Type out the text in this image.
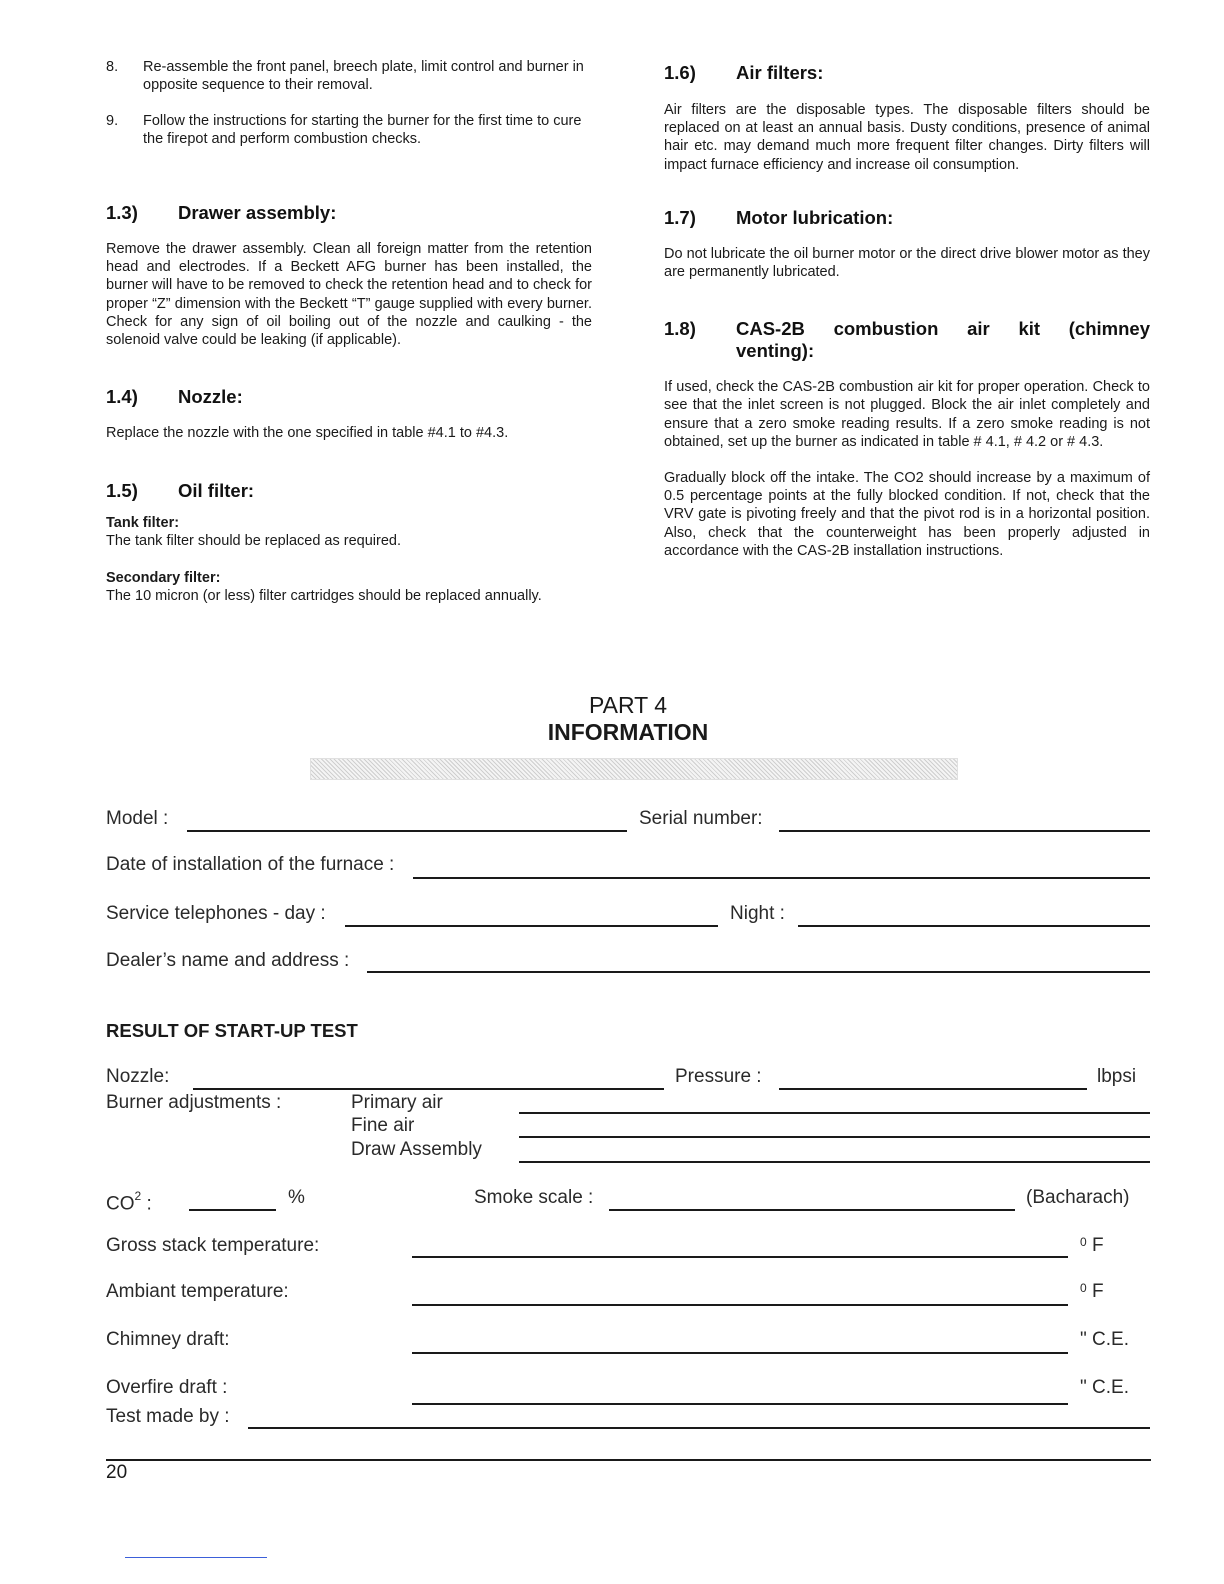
8.	Re-assemble the front panel, breech plate, limit control and burner in opposite sequence to their removal.
9.	Follow the instructions for starting the burner for the first time to cure the firepot and perform combustion checks.
1.3)	Drawer assembly:

Remove the drawer assembly. Clean all foreign matter from the retention head and electrodes. If a Beckett AFG burner has been installed, the burner will have to be removed to check the retention head and to check for proper “Z” dimension with the Beckett “T” gauge supplied with every burner. Check for any sign of oil boiling out of the nozzle and caulking - the solenoid valve could be leaking (if applicable).

1.4)	Nozzle:

Replace the nozzle with the one specified in table #4.1 to #4.3.

1.5)	Oil filter:
Tank filter:
The tank filter should be replaced as required.
Secondary filter:
The 10 micron (or less) filter cartridges should be replaced annually.
1.6)	Air filters:

Air filters are the disposable types. The disposable filters should be replaced on at least an annual basis. Dusty conditions, presence of animal hair etc. may demand much more frequent filter changes. Dirty filters will impact furnace efficiency and increase oil consumption.

1.7)	Motor lubrication:

Do not lubricate the oil burner motor or the direct drive blower motor as they are permanently lubricated.

1.8)	CAS-2B combustion air kit (chimney
venting):

If used, check the CAS-2B combustion air kit for proper operation. Check to see that the inlet screen is not plugged. Block the air inlet completely and ensure that a zero smoke reading results. If a zero smoke reading is not obtained, set up the burner as indicated in table # 4.1, # 4.2 or # 4.3.

Gradually block off the intake. The CO2 should increase by a maximum of 0.5 percentage points at the fully blocked condition. If not, check that the VRV gate is pivoting freely and that the pivot rod is in a horizontal position. Also, check that the counterweight has been properly adjusted in accordance with the CAS-2B installation instructions.

PART 4
INFORMATION
Model :	Serial number:
Date of installation of the furnace :
Service telephones - day :	Night :
Dealer’s name and address :
RESULT OF START-UP TEST
Nozzle:	Pressure :	lbpsi
Burner adjustments :	Primary air
Fine air
Draw Assembly
$CO^2$ :	%	Smoke scale :	(Bacharach)
Gross stack temperature:	$^0$ F
Ambiant temperature:	$^0$ F
Chimney draft:	" C.E.
Overfire draft :	" C.E.
Test made by :
20
